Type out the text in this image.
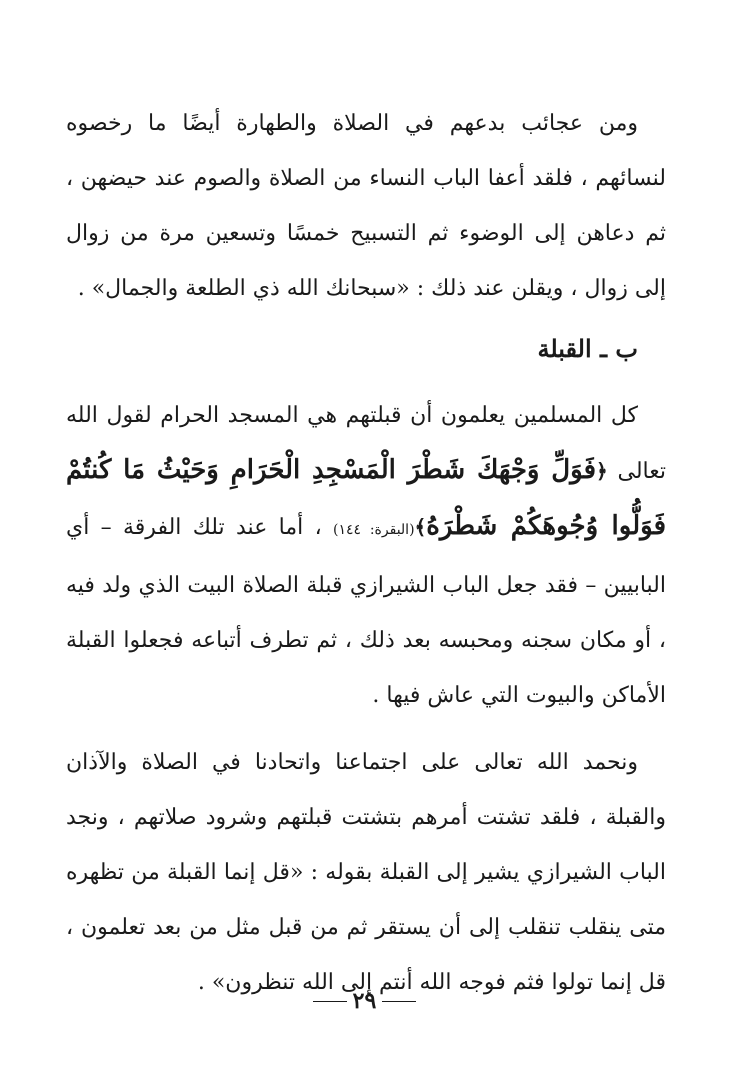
ومن عجائب بدعهم في الصلاة والطهارة أيضًا ما رخصوه لنسائهم ، فلقد أعفا الباب النساء من الصلاة والصوم عند حيضهن ، ثم دعاهن إلى الوضوء ثم التسبيح خمسًا وتسعين مرة من زوال إلى زوال ، ويقلن عند ذلك : «سبحانك الله ذي الطلعة والجمال» .

ب ـ القبلة

كل المسلمين يعلمون أن قبلتهم هي المسجد الحرام لقول الله تعالى ﴿فَوَلِّ وَجْهَكَ شَطْرَ الْمَسْجِدِ الْحَرَامِ وَحَيْثُ مَا كُنتُمْ فَوَلُّوا وُجُوهَكُمْ شَطْرَهُ﴾(البقرة: ١٤٤) ، أما عند تلك الفرقة – أي البابيين – فقد جعل الباب الشيرازي قبلة الصلاة البيت الذي ولد فيه ، أو مكان سجنه ومحبسه بعد ذلك ، ثم تطرف أتباعه فجعلوا القبلة الأماكن والبيوت التي عاش فيها .

ونحمد الله تعالى على اجتماعنا واتحادنا في الصلاة والآذان والقبلة ، فلقد تشتت أمرهم بتشتت قبلتهم وشرود صلاتهم ، ونجد الباب الشيرازي يشير إلى القبلة بقوله : «قل إنما القبلة من تظهره متى ينقلب تنقلب إلى أن يستقر ثم من قبل مثل من بعد تعلمون ، قل إنما تولوا فثم فوجه الله أنتم إلى الله تنظرون» .

٢٩
